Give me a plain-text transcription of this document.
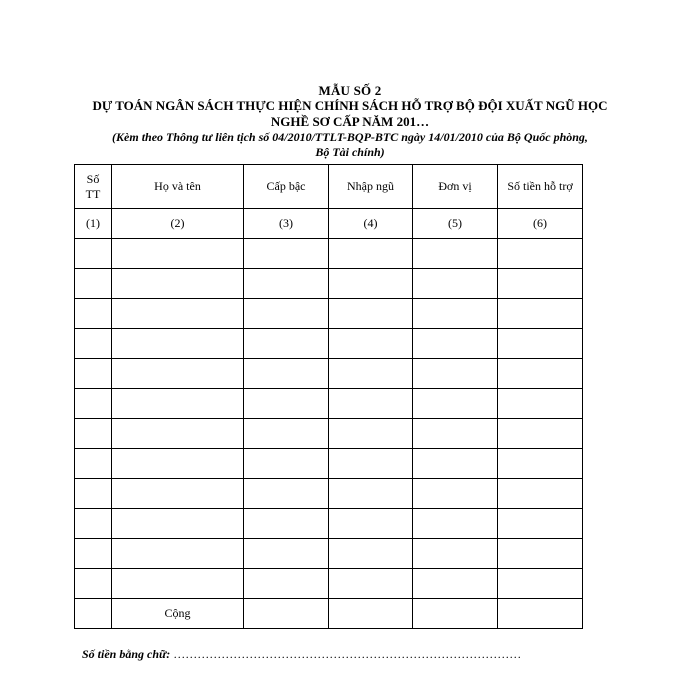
MẪU SỐ 2
DỰ TOÁN NGÂN SÁCH THỰC HIỆN CHÍNH SÁCH HỖ TRỢ BỘ ĐỘI XUẤT NGŨ HỌC
NGHỀ SƠ CẤP NĂM 201…
(Kèm theo Thông tư liên tịch số 04/2010/TTLT-BQP-BTC ngày 14/01/2010 của Bộ Quốc phòng,
Bộ Tài chính)
Số
TT	Họ và tên	Cấp bậc	Nhập ngũ	Đơn vị	Số tiền hỗ trợ
(1)	(2)	(3)	(4)	(5)	(6)

	Cộng				
Số tiền bằng chữ: ……………………………………………………………………………
